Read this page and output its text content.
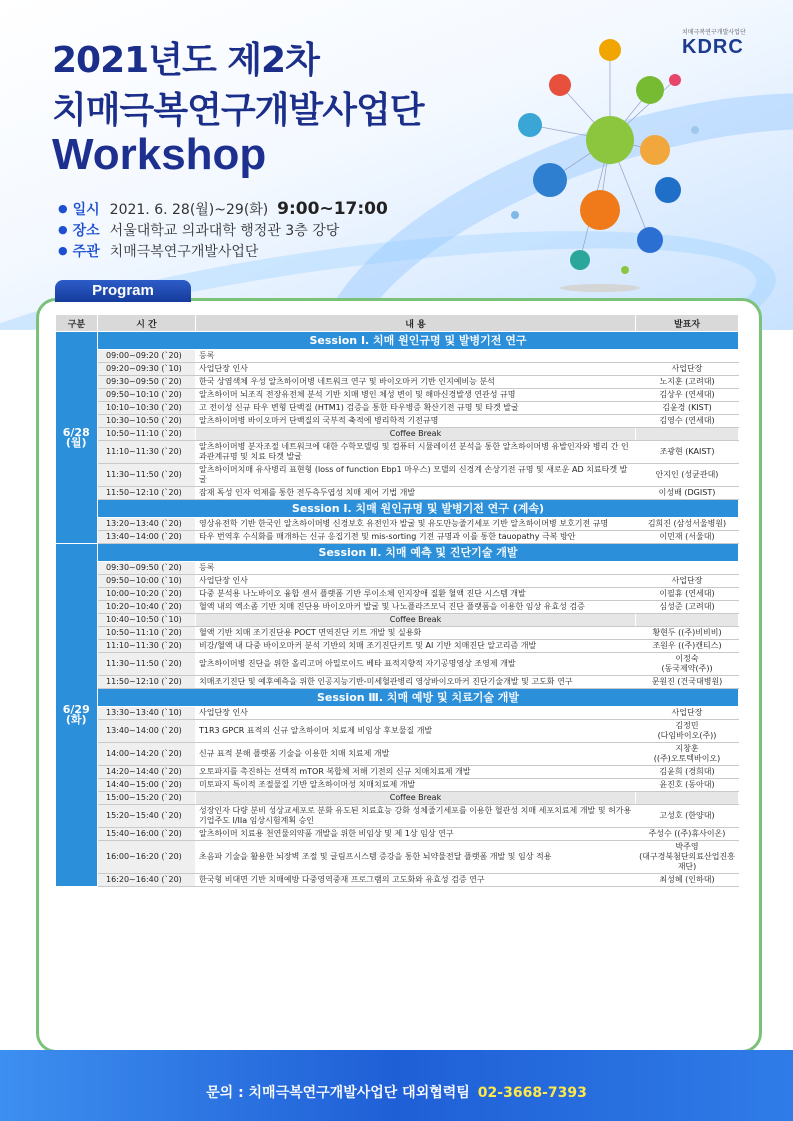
2021년도 제2차
치매극복연구개발사업단
Workshop
치매극복연구개발사업단
KDRC
● 일시 2021. 6. 28(월)~29(화)
9:00~17:00
● 장소 서울대학교 의과대학 행정관 3층 강당
● 주관 치매극복연구개발사업단
Program
구분	시 간	내 용	발표자
6/28
(월)	Session Ⅰ. 치매 원인규명 및 발병기전 연구		
	09:00~09:20 (`20)	등록	
	09:20~09:30 (`10)	사업단장 인사	사업단장
	09:30~09:50 (`20)	한국 상염색체 우성 알츠하이머병 네트워크 연구 및 바이오마커 기반 인지예비능 분석	노지훈 (고려대)
	09:50~10:10 (`20)	알츠하이머 뇌조직 전장유전체 분석 기반 치매 병인 체성 변이 및 해마신경발생 연관성 규명	김상우 (연세대)
	10:10~10:30 (`20)	고 전이성 신규 타우 변형 단백질 (HTM1) 검증을 통한 타우병증 확산기전 규명 및 타겟 발굴	김윤경 (KIST)
	10:30~10:50 (`20)	알츠하이머병 바이오마커 단백질의 국부적 축적에 병리학적 기전규명	김영수 (연세대)
	10:50~11:10 (`20)	Coffee Break	
	11:10~11:30 (`20)	알츠하이머병 분자조절 네트워크에 대한 수학모델링 및 컴퓨터 시뮬레이션 분석을 통한 알츠하이머병 유발인자와 병리 간 인과관계규명 및 치료 타겟 발굴	조광현 (KAIST)
	11:30~11:50 (`20)	알츠하이머치매 유사병리 표현형 (loss of function Ebp1 마우스) 모델의 신경계 손상기전 규명 및 새로운 AD 치료타겟 발굴	안지인 (성균관대)
	11:50~12:10 (`20)	잠재 독성 인자 억제를 통한 전두측두엽성 치매 제어 기법 개발	이성배 (DGIST)
	Session Ⅰ. 치매 원인규명 및 발병기전 연구 (계속)		
	13:20~13:40 (`20)	영상유전학 기반 한국인 알츠하이머병 신경보호 유전인자 발굴 및 유도만능줄기세포 기반 알츠하이머병 보호기전 규명	김희진 (삼성서울병원)
	13:40~14:00 (`20)	타우 번역후 수식화를 매개하는 신규 응집기전 및 mis-sorting 기전 규명과 이를 통한 tauopathy 극복 방안	이민재 (서울대)
6/29
(화)	Session Ⅱ. 치매 예측 및 진단기술 개발		
	09:30~09:50 (`20)	등록	
	09:50~10:00 (`10)	사업단장 인사	사업단장
	10:00~10:20 (`20)	다중 분석용 나노바이오 융합 센서 플랫폼 기반 루이소체 인지장애 질환 혈액 진단 시스템 개발	이필휴 (연세대)
	10:20~10:40 (`20)	혈액 내의 엑소좀 기반 치매 진단용 바이오마커 발굴 및 나노플라즈모닉 진단 플랫폼을 이용한 임상 유효성 검증	심성준 (고려대)
	10:40~10:50 (`10)	Coffee Break	
	10:50~11:10 (`20)	혈액 기반 치매 조기진단용 POCT 면역진단 키트 개발 및 실용화	황현두 ((주)비비비)
	11:10~11:30 (`20)	비강/혈액 내 다중 바이오마커 분석 기반의 치매 조기진단키트 및 AI 기반 치매진단 알고리즘 개발	조원우 ((주)캔티스)
	11:30~11:50 (`20)	알츠하이머병 진단을 위한 올리고머 아밀로이드 베타 표적지향적 자기공명영상 조영제 개발	이정숙
(동국제약(주))
	11:50~12:10 (`20)	치매조기진단 및 예후예측을 위한 인공지능기반-미세혈관병리 영상바이오마커 진단기술개발 및 고도화 연구	문원진 (건국대병원)
	Session Ⅲ. 치매 예방 및 치료기술 개발		
	13:30~13:40 (`10)	사업단장 인사	사업단장
	13:40~14:00 (`20)	T1R3 GPCR 표적의 신규 알츠하이머 치료제 비임상 후보물질 개발	김정민
(다임바이오(주))
	14:00~14:20 (`20)	신규 표적 분해 플랫폼 기술을 이용한 치매 치료제 개발	지창훈
((주)오토텍바이오)
	14:20~14:40 (`20)	오토파지를 촉진하는 선택적 mTOR 복합체 저해 기전의 신규 치매치료제 개발	김윤희 (경희대)
	14:40~15:00 (`20)	미토파지 특이적 조절물질 기반 알츠하이머성 치매치료제 개발	윤진호 (동아대)
	15:00~15:20 (`20)	Coffee Break	
	15:20~15:40 (`20)	성장인자 다량 분비 성상교세포로 분화 유도된 치료효능 강화 성체줄기세포를 이용한 혈관성 치매 세포치료제 개발 및 허가용 기업주도 I/IIa 임상시험계획 승인	고성호 (한양대)
	15:40~16:00 (`20)	알츠하이머 치료용 천연물의약품 개발을 위한 비임상 및 제 1상 임상 연구	주성수 ((주)휴사이온)
	16:00~16:20 (`20)	초음파 기술을 활용한 뇌장벽 조절 및 글림프시스템 증강을 통한 뇌약물전달 플랫폼 개발 및 임상 적용	박주영
(대구경북첨단의료산업진흥재단)
	16:20~16:40 (`20)	한국형 비대면 기반 치매예방 다중영역중재 프로그램의 고도화와 유효성 검증 연구	최성혜 (인하대)
문의 : 치매극복연구개발사업단 대외협력팀 02-3668-7393
